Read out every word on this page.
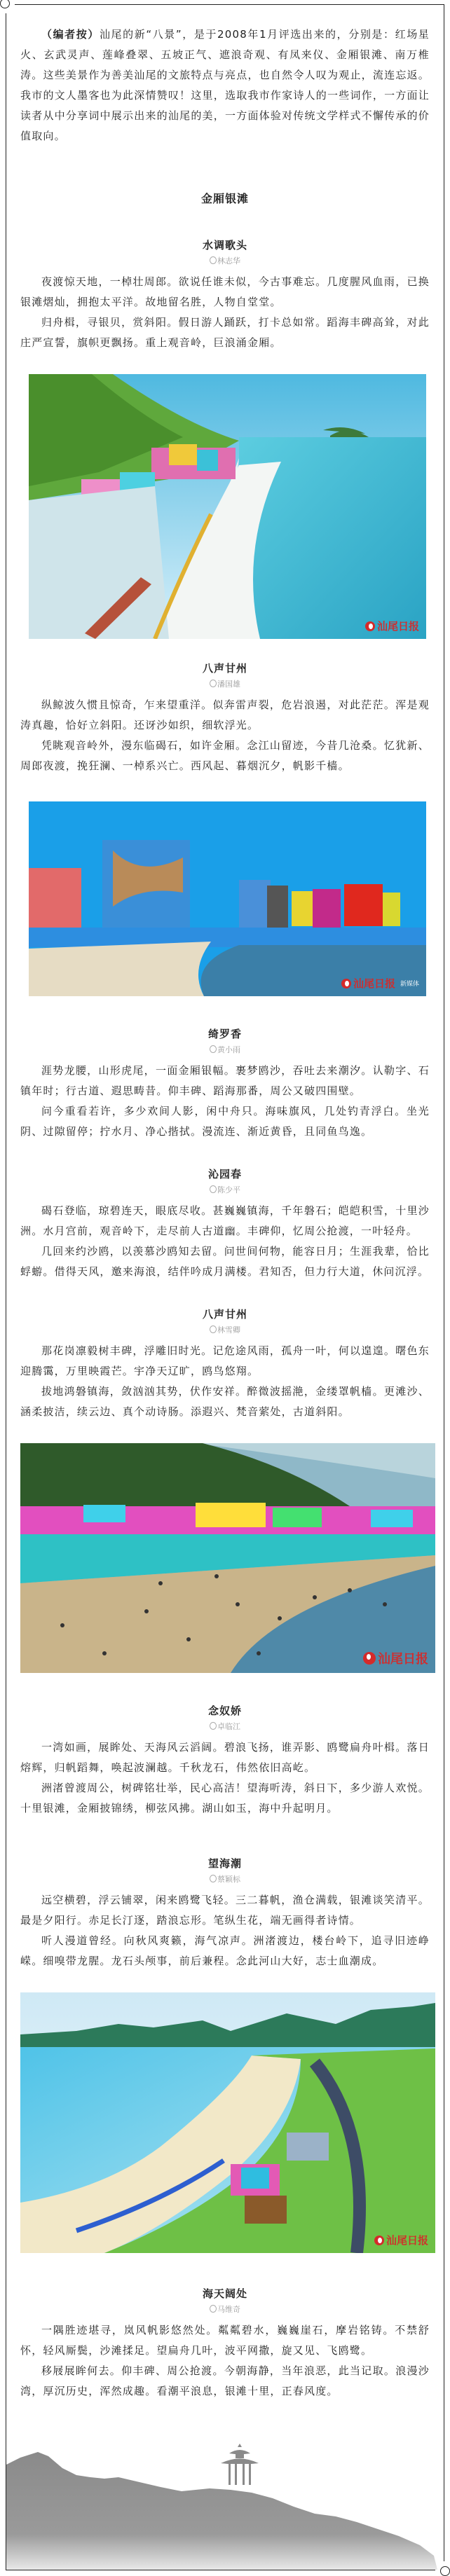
（编者按）汕尾的新“八景”，是于2008年1月评选出来的，分别是：红场星火、玄武灵声、莲峰叠翠、五坡正气、遮浪奇观、有凤来仪、金厢银滩、南万椎涛。这些美景作为善美汕尾的文旅特点与亮点，也自然令人叹为观止，流连忘返。我市的文人墨客也为此深情赞叹！这里，选取我市作家诗人的一些词作，一方面让读者从中分享词中展示出来的汕尾的美，一方面体验对传统文学样式不懈传承的价值取向。

金厢银滩

水调歌头

林志华

夜渡惊天地，一棹壮周郎。欲说任谁未似，今古事难忘。几度腥风血雨，已换银滩熠灿，拥抱太平洋。故地留名胜，人物自堂堂。

归舟楫，寻银贝，赏斜阳。假日游人踊跃，打卡总如常。蹈海丰碑高耸，对此庄严宣誓，旗帜更飘扬。重上观音岭，巨浪涌金厢。

汕尾日报

八声甘州

潘国雄

纵鲸波久惯且惊奇，乍来望重洋。似奔雷声裂，危岩浪遏，对此茫茫。浑是观涛真趣，恰好立斜阳。还讶沙如织，细软浮光。

凭眺观音岭外，漫东临碣石，如许金厢。念江山留迹，今昔几沧桑。忆犹新、周郎夜渡，挽狂澜、一棹系兴亡。西风起、暮烟沉夕，帆影千樯。

汕尾日报 新媒体

绮罗香

黄小雨

涯势龙腰，山形虎尾，一面金厢银幅。裹梦鸥沙，吞吐去来潮汐。认勒字、石镇年时；行古道、遐思畴昔。仰丰碑、蹈海那番，周公又破四围壁。

问今重看若许，多少欢间人影，闲中舟只。海味旗风，几处钓青浮白。坐光阴、过隙留停；拧水月、净心揩拭。漫流连、渐近黄昏，且同鱼鸟逸。

沁园春

陈少平

碣石登临，琼碧连天，眼底尽收。甚巍巍镇海，千年磐石；皑皑积雪，十里沙洲。水月宫前，观音岭下，走尽前人古道幽。丰碑仰，忆周公抢渡，一叶轻舟。

几回来约沙鸥，以羡慕沙鸥知去留。问世间何物，能容日月；生涯我辈，恰比蜉蝣。借得天风，邀来海浪，结伴吟成月满楼。君知否，但力行大道，休问沉浮。

八声甘州

林雪卿

那花岗凛毅树丰碑，浮雕旧时光。记危途风雨，孤舟一叶，何以遑遑。曙色东迎腾霭，万里映霞芒。宇净天辽旷，鸥鸟悠翔。

拔地鸿磐镇海，敛汹汹其势，伏作安祥。醉微波摇滟，金缕罩帆樯。更滩沙、涵柔披洁，续云边、真个动诗肠。添遐兴、梵音萦处，古道斜阳。

汕尾日报

念奴娇

卓临江

一湾如画，展眸处、天海风云滔阔。碧浪飞扬，谁弄影、鸥鹭扁舟叶楫。落日熔辉，归帆蹈舞，唤起波澜越。千秋龙石，伟然依旧高屹。

洲渚曾渡周公，树碑铭壮举，民心高洁！望海听涛，斜日下，多少游人欢悦。十里银滩，金厢披锦绣，柳弦风拂。湖山如玉，海中升起明月。

望海潮

蔡颖标

远空横碧，浮云铺翠，闲来鸥鹭飞轻。三二暮帆，渔仓满载，银滩谈笑清平。最是夕阳行。赤足长汀逐，踏浪忘形。笔纵生花，端无画得者诗情。

听人漫道曾经。向秋风爽籁，海气凉声。洲渚渡边，楼台岭下，追寻旧迹峥嵘。细嗅带龙腥。龙石头颅事，前后兼程。念此河山大好，志士血潮成。

汕尾日报

海天阔处

马维奇

一隅胜迹堪寻，岚风帆影悠然处。粼粼碧水，巍巍崖石，摩岩铭铸。不禁舒怀，轻风厮鬓，沙滩揉足。望扁舟几叶，波平网撒，旋又见、飞鸥鹭。

移屐展眸何去。仰丰碑、周公抢渡。今朝海静，当年浪恶，此当记取。浪漫沙湾，厚沉历史，浑然成趣。看潮平浪息，银滩十里，正春风度。
